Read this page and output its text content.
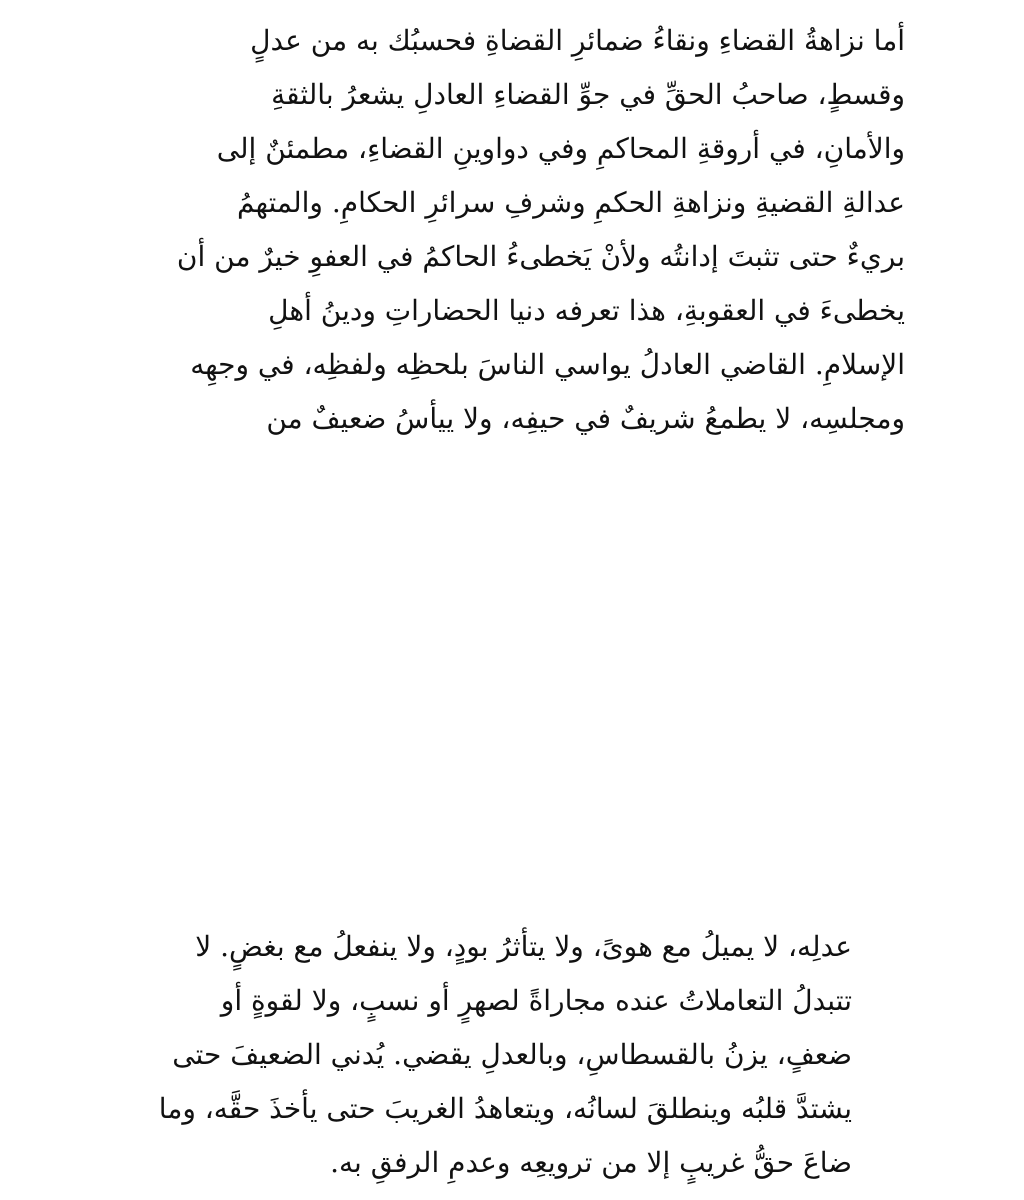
أما نزاهةُ القضاءِ ونقاءُ ضمائرِ القضاةِ فحسبُك به من عدلٍ
وقسطٍ، صاحبُ الحقِّ في جوِّ القضاءِ العادلِ يشعرُ بالثقةِ
والأمانِ، في أروقةِ المحاكمِ وفي دواوينِ القضاءِ، مطمئنٌ إلى
عدالةِ القضيةِ ونزاهةِ الحكمِ وشرفِ سرائرِ الحكامِ. والمتهمُ
بريءٌ حتى تثبتَ إدانتُه ولأنْ يَخطىءُ الحاكمُ في العفوِ خيرٌ من أن
يخطىءَ في العقوبةِ، هذا تعرفه دنيا الحضاراتِ ودينُ أهلِ
الإسلامِ. القاضي العادلُ يواسي الناسَ بلحظِه ولفظِه، في وجهِه
ومجلسِه، لا يطمعُ شريفٌ في حيفِه، ولا ييأسُ ضعيفٌ من
عدلِه، لا يميلُ مع هوىً، ولا يتأثرُ بودٍ، ولا ينفعلُ مع بغضٍ. لا
تتبدلُ التعاملاتُ عنده مجاراةً لصهرٍ أو نسبٍ، ولا لقوةٍ أو
ضعفٍ، يزنُ بالقسطاسِ، وبالعدلِ يقضي. يُدني الضعيفَ حتى
يشتدَّ قلبُه وينطلقَ لسانُه، ويتعاهدُ الغريبَ حتى يأخذَ حقَّه، وما
ضاعَ حقُّ غريبٍ إلا من ترويعِه وعدمِ الرفقِ به.
